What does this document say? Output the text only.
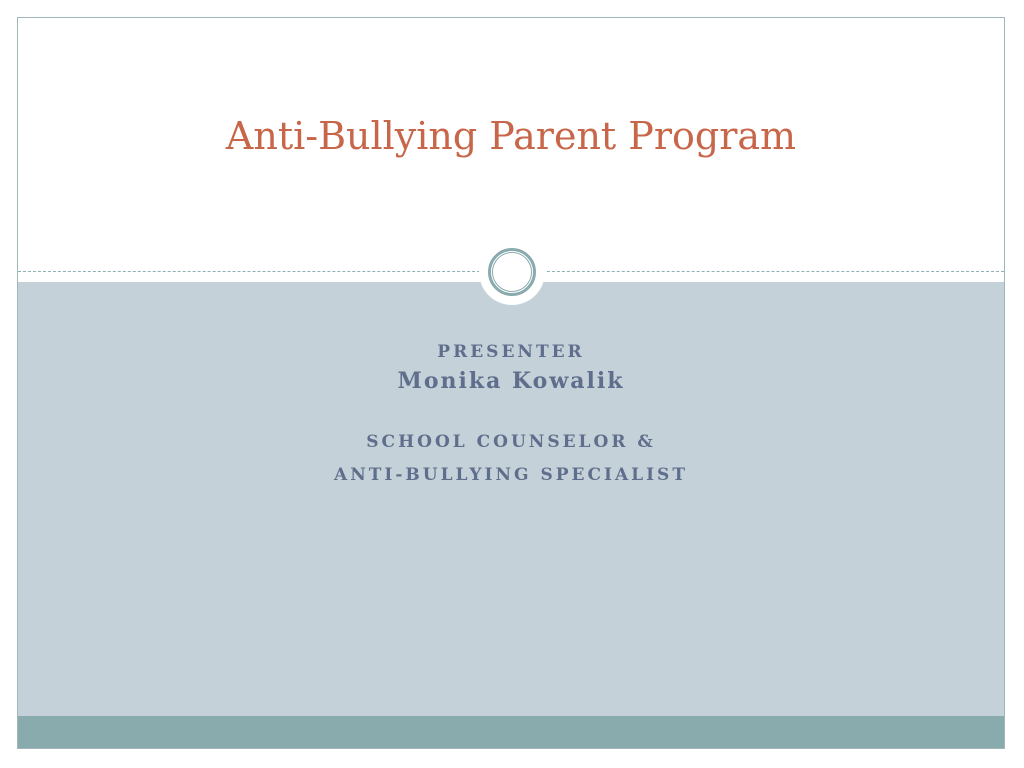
Anti-Bullying Parent Program
PRESENTER
Monika Kowalik
SCHOOL COUNSELOR &
ANTI-BULLYING SPECIALIST
